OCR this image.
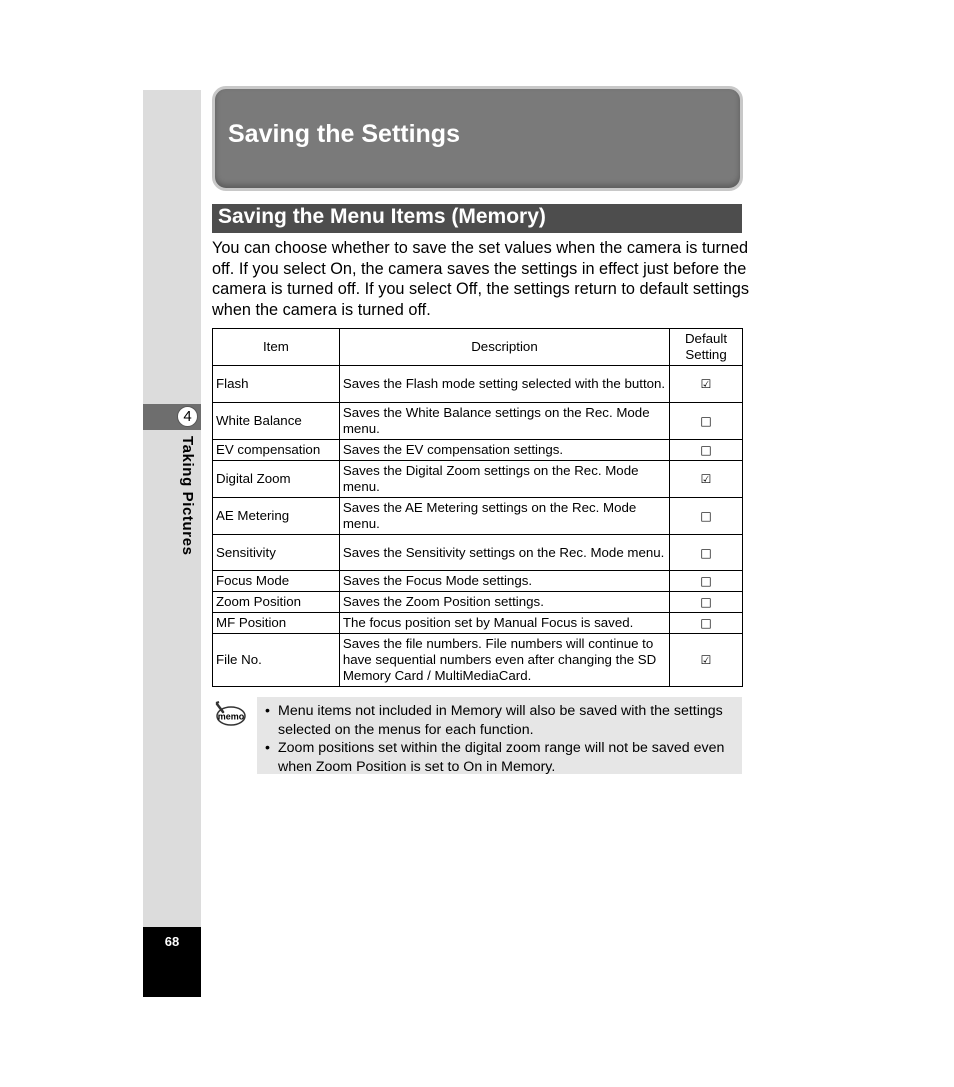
4
Taking Pictures
68
Saving the Settings
Saving the Menu Items (Memory)
You can choose whether to save the set values when the camera is turned off. If you select On, the camera saves the settings in effect just before the camera is turned off. If you select Off, the settings return to default settings when the camera is turned off.
Item	Description	Default Setting
Flash	Saves the Flash mode setting selected with the button.	☑
White Balance	Saves the White Balance settings on the Rec. Mode menu.	□
EV compensation	Saves the EV compensation settings.	□
Digital Zoom	Saves the Digital Zoom settings on the Rec. Mode menu.	☑
AE Metering	Saves the AE Metering settings on the Rec. Mode menu.	□
Sensitivity	Saves the Sensitivity settings on the Rec. Mode menu.	□
Focus Mode	Saves the Focus Mode settings.	□
Zoom Position	Saves the Zoom Position settings.	□
MF Position	The focus position set by Manual Focus is saved.	□
File No.	Saves the file numbers. File numbers will continue to have sequential numbers even after changing the SD Memory Card / MultiMediaCard.	☑
memo • Menu items not included in Memory will also be saved with the settings selected on the menus for each function.
• Zoom positions set within the digital zoom range will not be saved even when Zoom Position is set to On in Memory.
